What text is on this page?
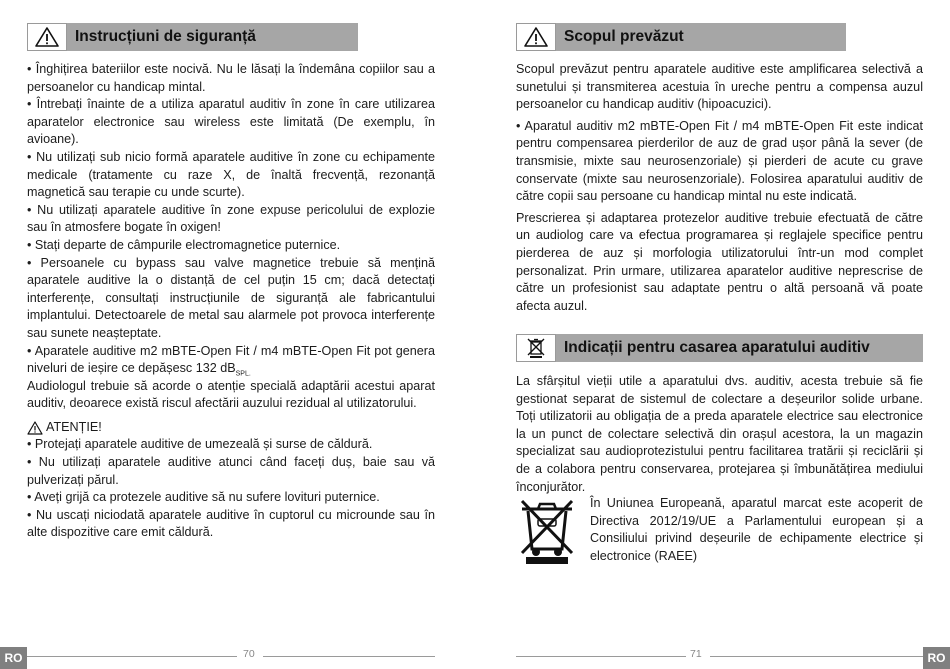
Instrucțiuni de siguranță

• Înghițirea bateriilor este nocivă. Nu le lăsați la îndemâna copiilor sau a persoanelor cu handicap mintal.

• Întrebați înainte de a utiliza aparatul auditiv în zone în care utilizarea aparatelor electronice sau wireless este limitată (De exemplu, în avioane).

• Nu utilizați sub nicio formă aparatele auditive în zone cu echipamente medicale (tratamente cu raze X, de înaltă frecvență, rezonanță magnetică sau terapie cu unde scurte).

• Nu utilizați aparatele auditive în zone expuse pericolului de explozie sau în atmosfere bogate în oxigen!

• Stați departe de câmpurile electromagnetice puternice.

• Persoanele cu bypass sau valve magnetice trebuie să mențină aparatele auditive la o distanță de cel puțin 15 cm; dacă detectați interferențe, consultați instrucțiunile de siguranță ale fabricantului implantului. Detectoarele de metal sau alarmele pot provoca interferențe sau sunete neașteptate.

• Aparatele auditive m2 mBTE-Open Fit / m4 mBTE-Open Fit pot genera niveluri de ieșire ce depășesc 132 $dB_{SPL.}$

Audiologul trebuie să acorde o atenție specială adaptării acestui aparat auditiv, deoarece există riscul afectării auzului rezidual al utilizatorului.

ATENȚIE!

• Protejați aparatele auditive de umezeală și surse de căldură.

• Nu utilizați aparatele auditive atunci când faceți duș, baie sau vă pulverizați părul.

• Aveți grijă ca protezele auditive să nu sufere lovituri puternice.

• Nu uscați niciodată aparatele auditive în cuptorul cu microunde sau în alte dispozitive care emit căldură.

Scopul prevăzut

Scopul prevăzut pentru aparatele auditive este amplificarea selectivă a sunetului și transmiterea acestuia în ureche pentru a compensa auzul persoanelor cu handicap auditiv (hipoacuzici).

• Aparatul auditiv m2 mBTE-Open Fit / m4 mBTE-Open Fit este indicat pentru compensarea pierderilor de auz de grad ușor până la sever (de transmisie, mixte sau neurosenzoriale) și pierderi de acute cu grave conservate (mixte sau neurosenzoriale). Folosirea aparatului auditiv de către copii sau persoane cu handicap mintal nu este indicată.

Prescrierea și adaptarea protezelor auditive trebuie efectuată de către un audiolog care va efectua programarea și reglajele specifice pentru pierderea de auz și morfologia utilizatorului într-un mod complet personalizat. Prin urmare, utilizarea aparatelor auditive neprescrise de către un profesionist sau adaptate pentru o altă persoană vă poate afecta auzul.

Indicații pentru casarea aparatului auditiv

La sfârșitul vieții utile a aparatului dvs. auditiv, acesta trebuie să fie gestionat separat de sistemul de colectare a deșeurilor solide urbane. Toți utilizatorii au obligația de a preda aparatele electrice sau electronice la un punct de colectare selectivă din orașul acestora, la un magazin specializat sau audioprotezistului pentru facilitarea tratării și reciclării și de a colabora pentru conservarea, protejarea și îmbunătățirea mediului înconjurător.

În Uniunea Europeană, aparatul marcat este acoperit de Directiva 2012/19/UE a Parlamentului european și a Consiliului privind deșeurile de echipamente electrice și electronice (RAEE)

RO	70	71	RO
